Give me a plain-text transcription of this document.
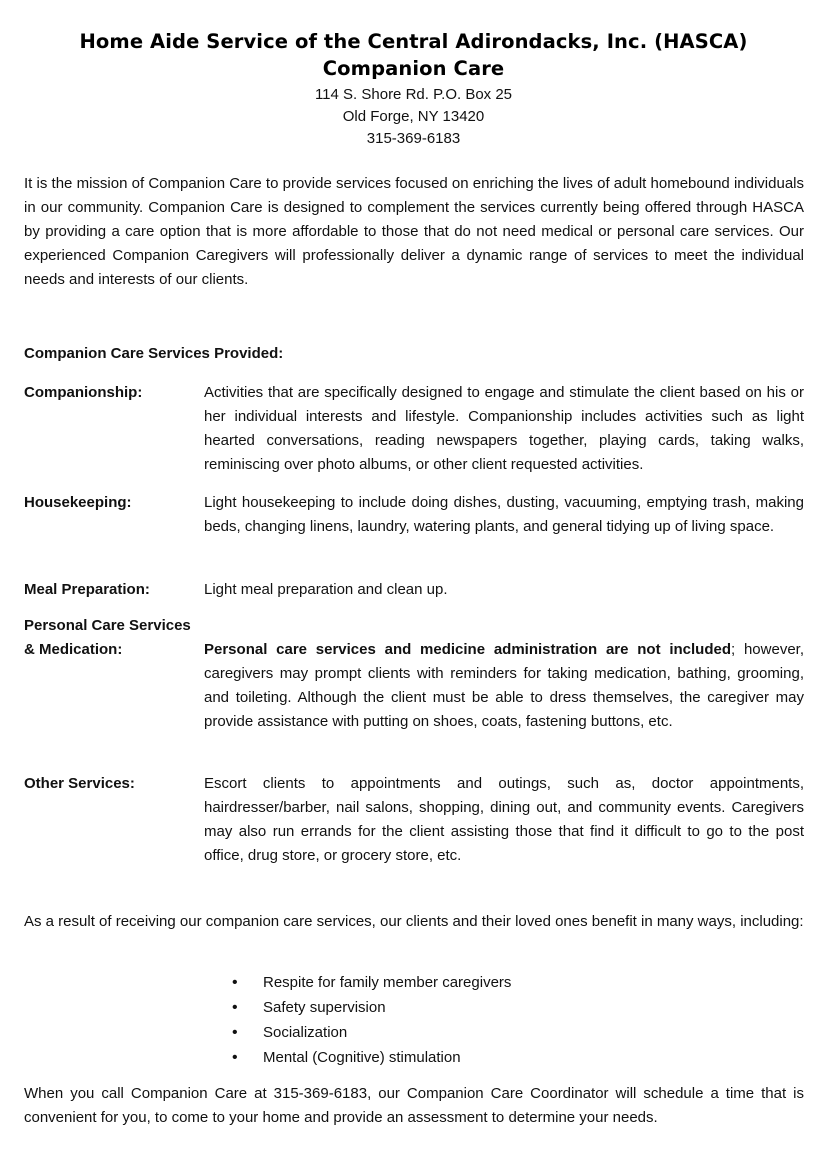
Home Aide Service of the Central Adirondacks, Inc. (HASCA)
Companion Care
114 S. Shore Rd. P.O. Box 25
Old Forge, NY 13420
315-369-6183
It is the mission of Companion Care to provide services focused on enriching the lives of adult homebound individuals in our community. Companion Care is designed to complement the services currently being offered through HASCA by providing a care option that is more affordable to those that do not need medical or personal care services. Our experienced Companion Caregivers will professionally deliver a dynamic range of services to meet the individual needs and interests of our clients.
Companion Care Services Provided:
Companionship:	Activities that are specifically designed to engage and stimulate the client based on his or her individual interests and lifestyle. Companionship includes activities such as light hearted conversations, reading newspapers together, playing cards, taking walks, reminiscing over photo albums, or other client requested activities.
Housekeeping:	Light housekeeping to include doing dishes, dusting, vacuuming, emptying trash, making beds, changing linens, laundry, watering plants, and general tidying up of living space.
Meal Preparation:	Light meal preparation and clean up.
Personal Care Services
& Medication:	Personal care services and medicine administration are not included; however, caregivers may prompt clients with reminders for taking medication, bathing, grooming, and toileting. Although the client must be able to dress themselves, the caregiver may provide assistance with putting on shoes, coats, fastening buttons, etc.
Other Services:	Escort clients to appointments and outings, such as, doctor appointments, hairdresser/barber, nail salons, shopping, dining out, and community events. Caregivers may also run errands for the client assisting those that find it difficult to go to the post office, drug store, or grocery store, etc.
As a result of receiving our companion care services, our clients and their loved ones benefit in many ways, including:
• Respite for family member caregivers
• Safety supervision
• Socialization
• Mental (Cognitive) stimulation
When you call Companion Care at 315-369-6183, our Companion Care Coordinator will schedule a time that is convenient for you, to come to your home and provide an assessment to determine your needs.
